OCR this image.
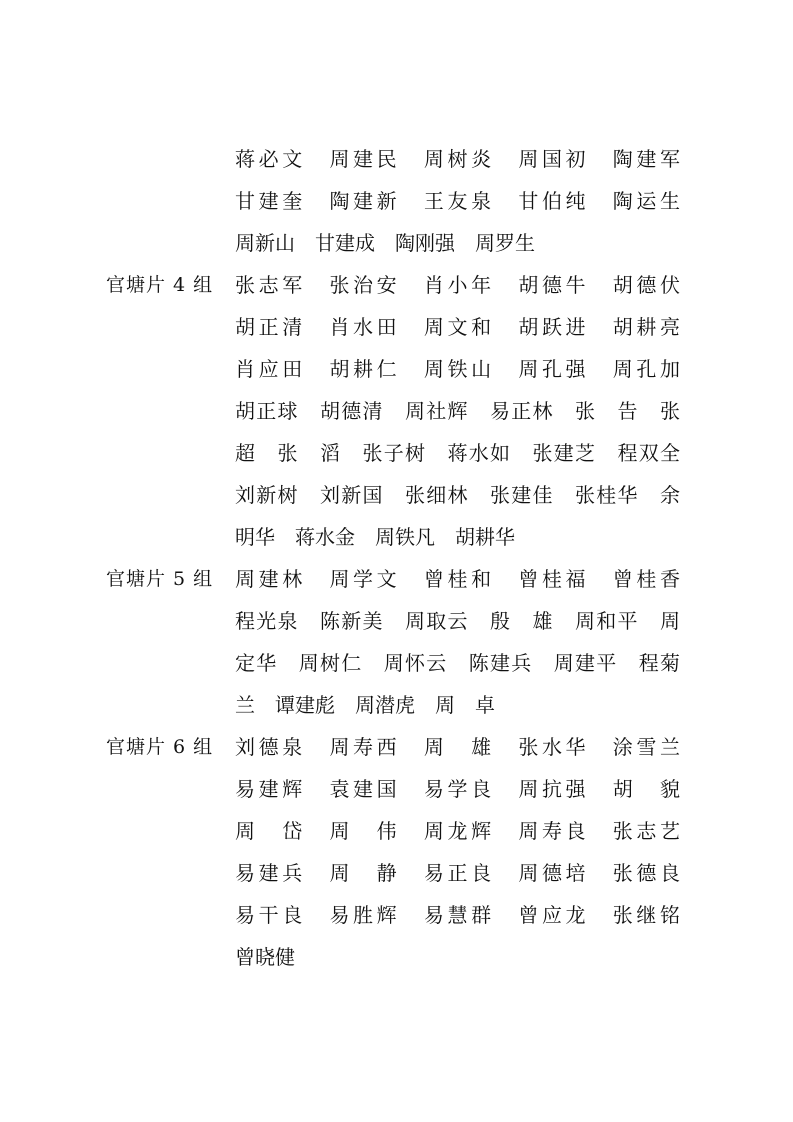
蒋必文　周建民　周树炎　周国初　陶建军
甘建奎　陶建新　王友泉　甘伯纯　陶运生
周新山　甘建成　陶刚强　周罗生
官塘片 4 组 张志军　张治安　肖小年　胡德牛　胡德伏
胡正清　肖水田　周文和　胡跃进　胡耕亮
肖应田　胡耕仁　周铁山　周孔强　周孔加
胡正球　胡德清　周社辉　易正林　张　告　张
超　张　滔　张子树　蒋水如　张建芝　程双全
刘新树　刘新国　张细林　张建佳　张桂华　余
明华　蒋水金　周铁凡　胡耕华
官塘片 5 组 周建林　周学文　曾桂和　曾桂福　曾桂香
程光泉　陈新美　周取云　殷　雄　周和平　周
定华　周树仁　周怀云　陈建兵　周建平　程菊
兰　谭建彪　周潜虎　周　卓
官塘片 6 组 刘德泉　周寿西　周　雄　张水华　涂雪兰
易建辉　袁建国　易学良　周抗强　胡　貌
周　岱　周　伟　周龙辉　周寿良　张志艺
易建兵　周　静　易正良　周德培　张德良
易干良　易胜辉　易慧群　曾应龙　张继铭
曾晓健
